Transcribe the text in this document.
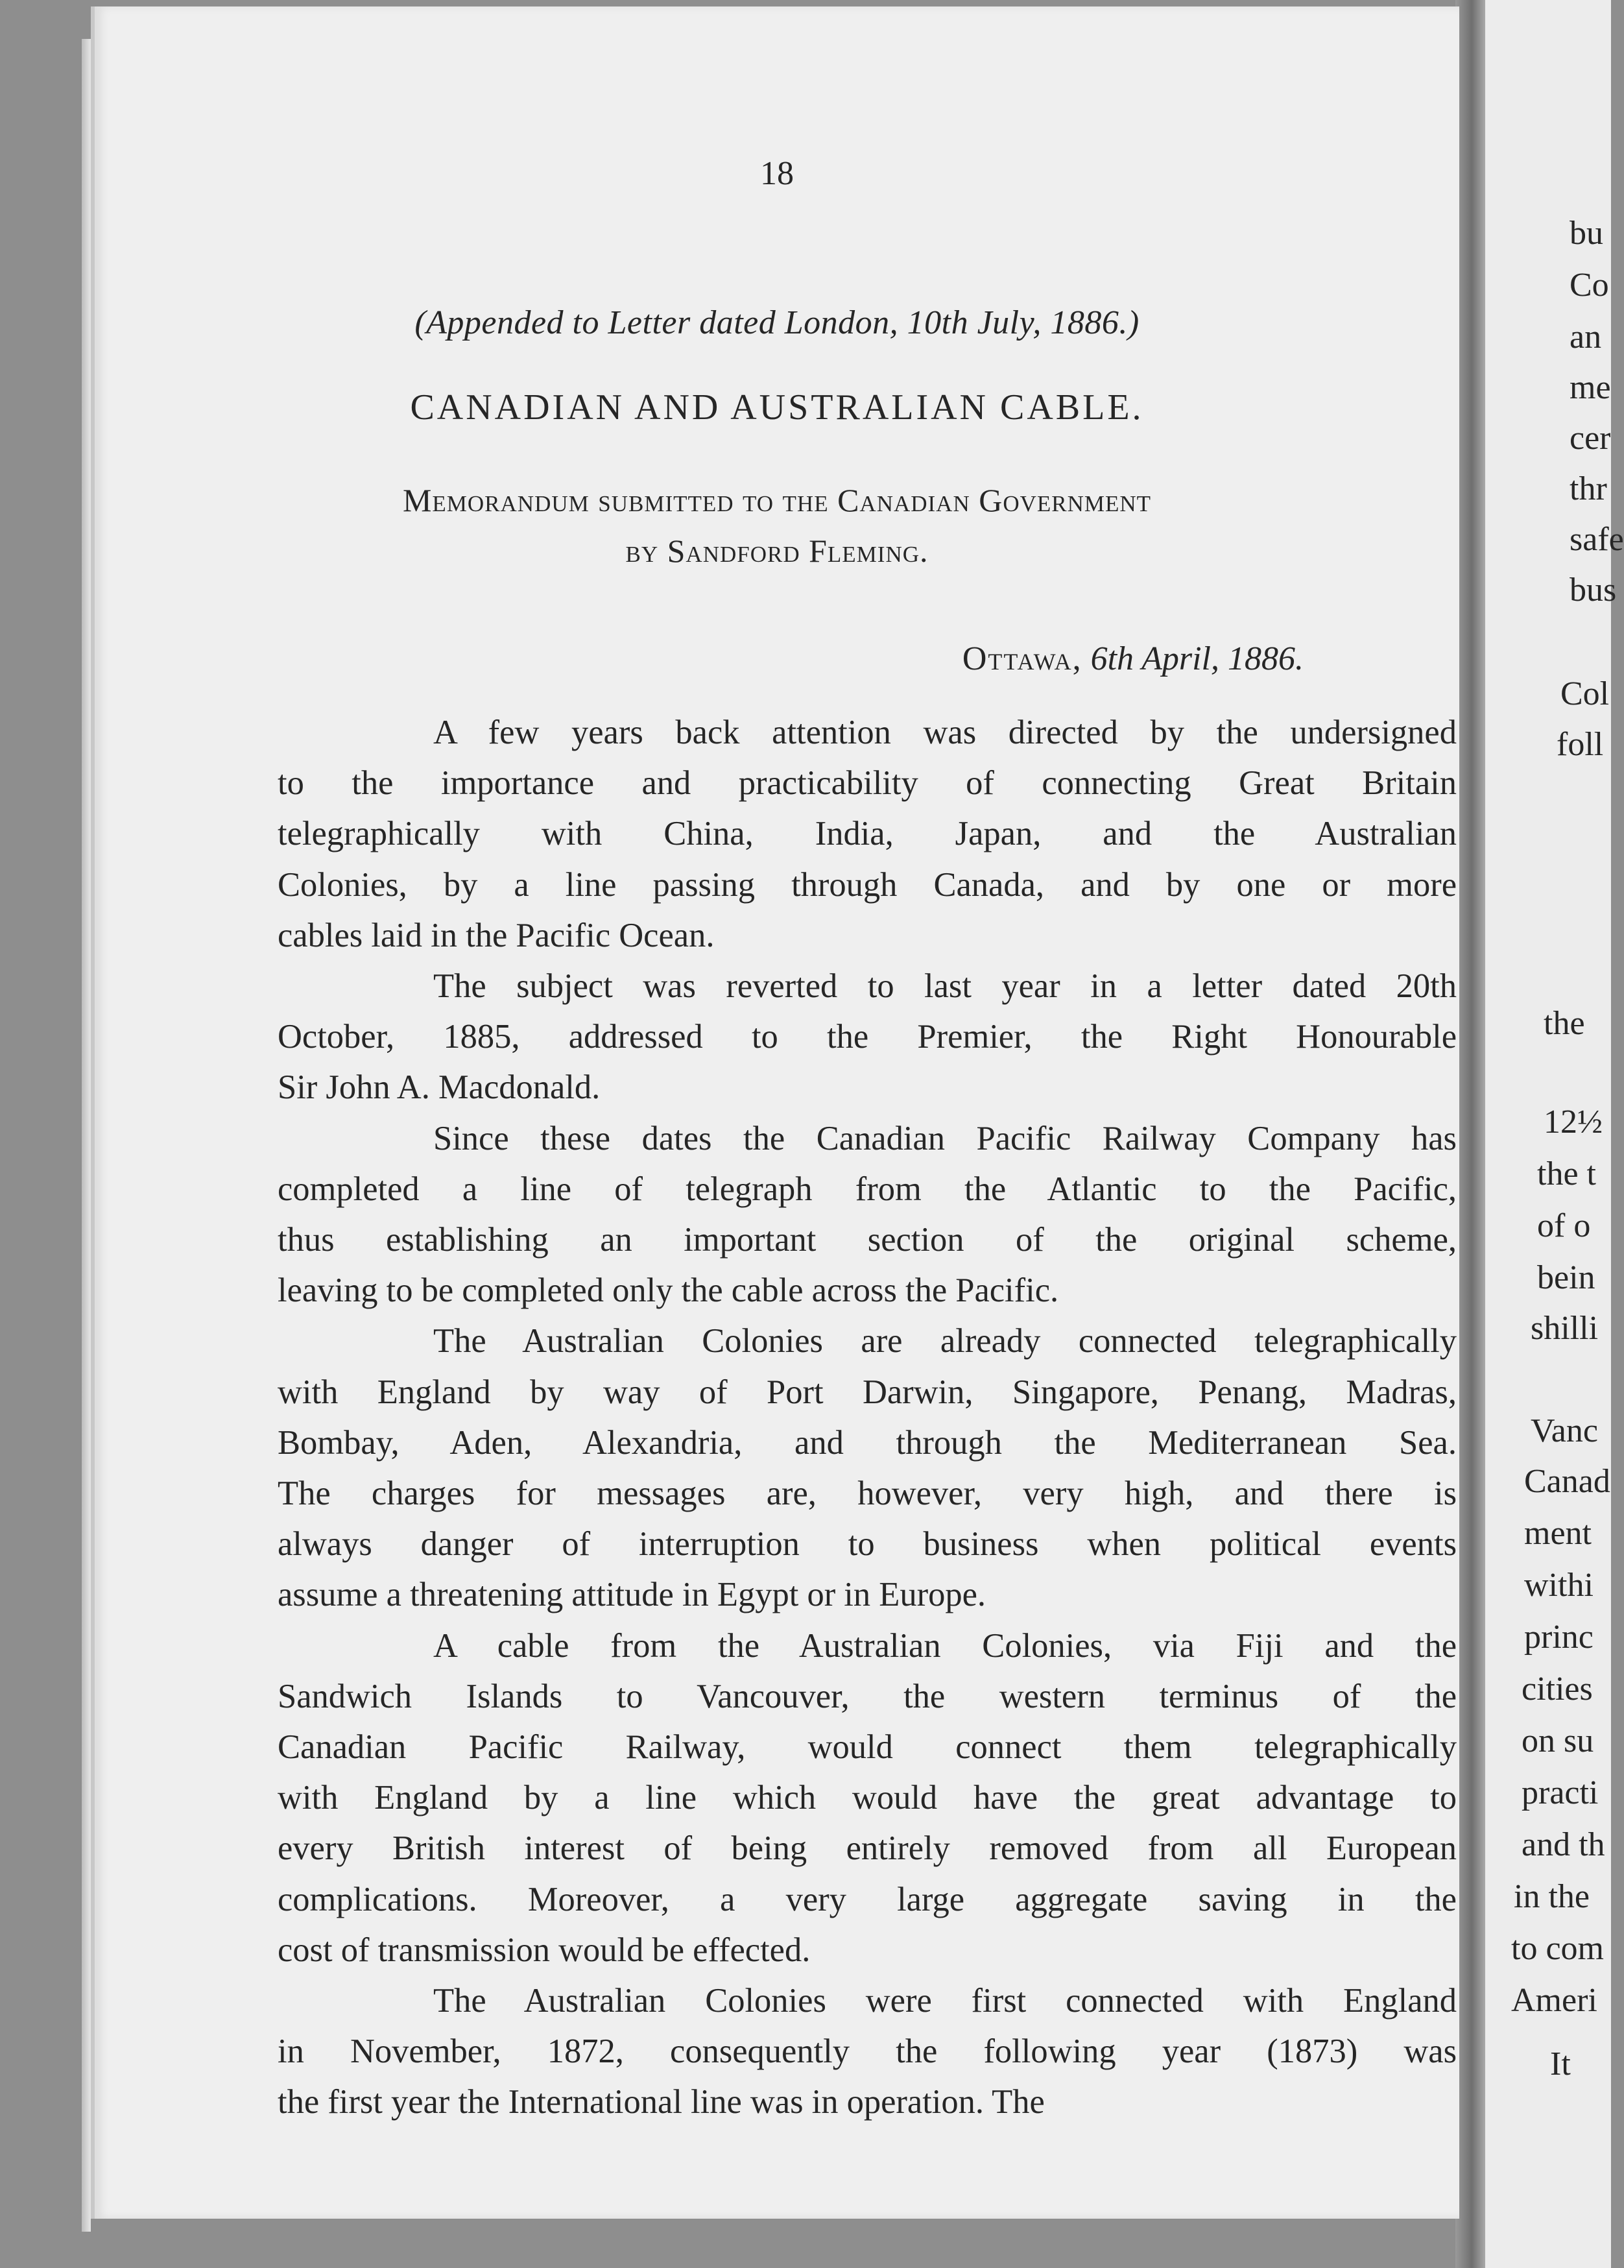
18
(Appended to Letter dated London, 10th July, 1886.)
CANADIAN AND AUSTRALIAN CABLE.
Memorandum submitted to the Canadian Government
by Sandford Fleming.
Ottawa, 6th April, 1886.
A few years back attention was directed by the undersigned
to the importance and practicability of connecting Great Britain
telegraphically with China, India, Japan, and the Australian
Colonies, by a line passing through Canada, and by one or more
cables laid in the Pacific Ocean.
The subject was reverted to last year in a letter dated 20th
October, 1885, addressed to the Premier, the Right Honourable
Sir John A. Macdonald.
Since these dates the Canadian Pacific Railway Company has
completed a line of telegraph from the Atlantic to the Pacific,
thus establishing an important section of the original scheme,
leaving to be completed only the cable across the Pacific.
The Australian Colonies are already connected telegraphically
with England by way of Port Darwin, Singapore, Penang, Madras,
Bombay, Aden, Alexandria, and through the Mediterranean Sea.
The charges for messages are, however, very high, and there is
always danger of interruption to business when political events
assume a threatening attitude in Egypt or in Europe.
A cable from the Australian Colonies, via Fiji and the
Sandwich Islands to Vancouver, the western terminus of the
Canadian Pacific Railway, would connect them telegraphically
with England by a line which would have the great advantage to
every British interest of being entirely removed from all European
complications. Moreover, a very large aggregate saving in the
cost of transmission would be effected.
The Australian Colonies were first connected with England
in November, 1872, consequently the following year (1873) was
the first year the International line was in operation. The
bu
Co
an
me
cer
thr
safe
bus
Col
foll
the
12½
the t
of o
bein
shilli
Vanc
Canad
ment
withi
princ
cities
on su
practi
and th
in the
to com
Ameri
It
